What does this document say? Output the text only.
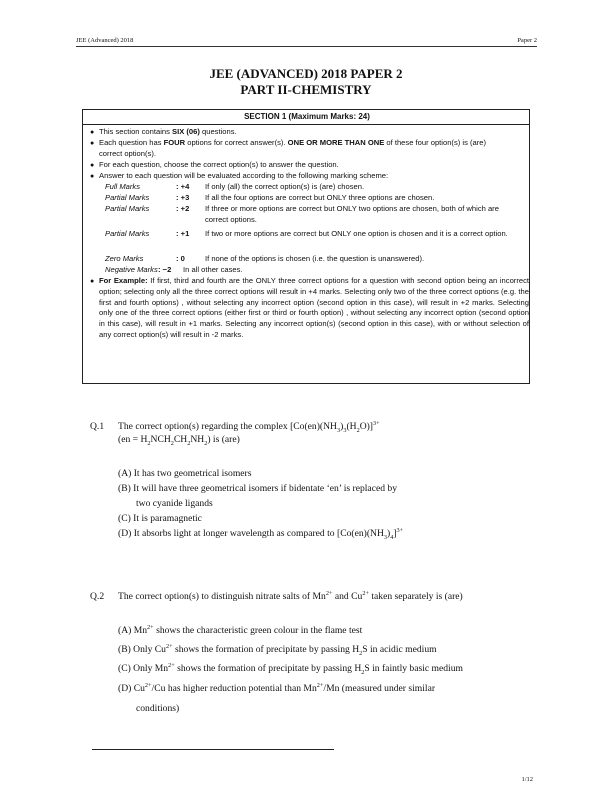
JEE (Advanced) 2018	Paper 2
JEE (ADVANCED) 2018 PAPER 2
PART II-CHEMISTRY
SECTION 1 (Maximum Marks: 24)
● This section contains SIX (06) questions.
● Each question has FOUR options for correct answer(s). ONE OR MORE THAN ONE of these four option(s) is (are) correct option(s).
● For each question, choose the correct option(s) to answer the question.
● Answer to each question will be evaluated according to the following marking scheme:
Full Marks	: +4 If only (all) the correct option(s) is (are) chosen.
Partial Marks	: +3 If all the four options are correct but ONLY three options are chosen.
Partial Marks	: +2 If three or more options are correct but ONLY two options are chosen, both of which are correct options.
Partial Marks	: +1 If two or more options are correct but ONLY one option is chosen and it is a correct option.
Zero Marks	: 0	If none of the options is chosen (i.e. the question is unanswered).
Negative Marks : −2 In all other cases.
● For Example: If first, third and fourth are the ONLY three correct options for a question with second option being an incorrect option; selecting only all the three correct options will result in +4 marks. Selecting only two of the three correct options (e.g. the first and fourth options) , without selecting any incorrect option (second option in this case), will result in +2 marks. Selecting only one of the three correct options (either first or third or fourth option) , without selecting any incorrect option (second option in this case), will result in +1 marks. Selecting any incorrect option(s) (second option in this case), with or without selection of any correct option(s) will result in -2 marks.
Q.1 The correct option(s) regarding the complex $[Co(en)(NH_3)_3(H_2O)]^{3+}$
$(en = H_2NCH_2CH_2NH_2)$ is (are)
(A) It has two geometrical isomers
(B) It will have three geometrical isomers if bidentate ‘en’ is replaced by
two cyanide ligands
(C) It is paramagnetic
(D) It absorbs light at longer wavelength as compared to $[Co(en)(NH_3)_4]^{3+}$
Q.2 The correct option(s) to distinguish nitrate salts of $Mn^{2+}$ and $Cu^{2+}$ taken separately is (are)
(A) $Mn^{2+}$ shows the characteristic green colour in the flame test
(B) Only $Cu^{2+}$ shows the formation of precipitate by passing $H_2S$ in acidic medium
(C) Only $Mn^{2+}$ shows the formation of precipitate by passing $H_2S$ in faintly basic medium
(D) $Cu^{2+}/Cu$ has higher reduction potential than $Mn^{2+}/Mn$ (measured under similar
conditions)
1/12
